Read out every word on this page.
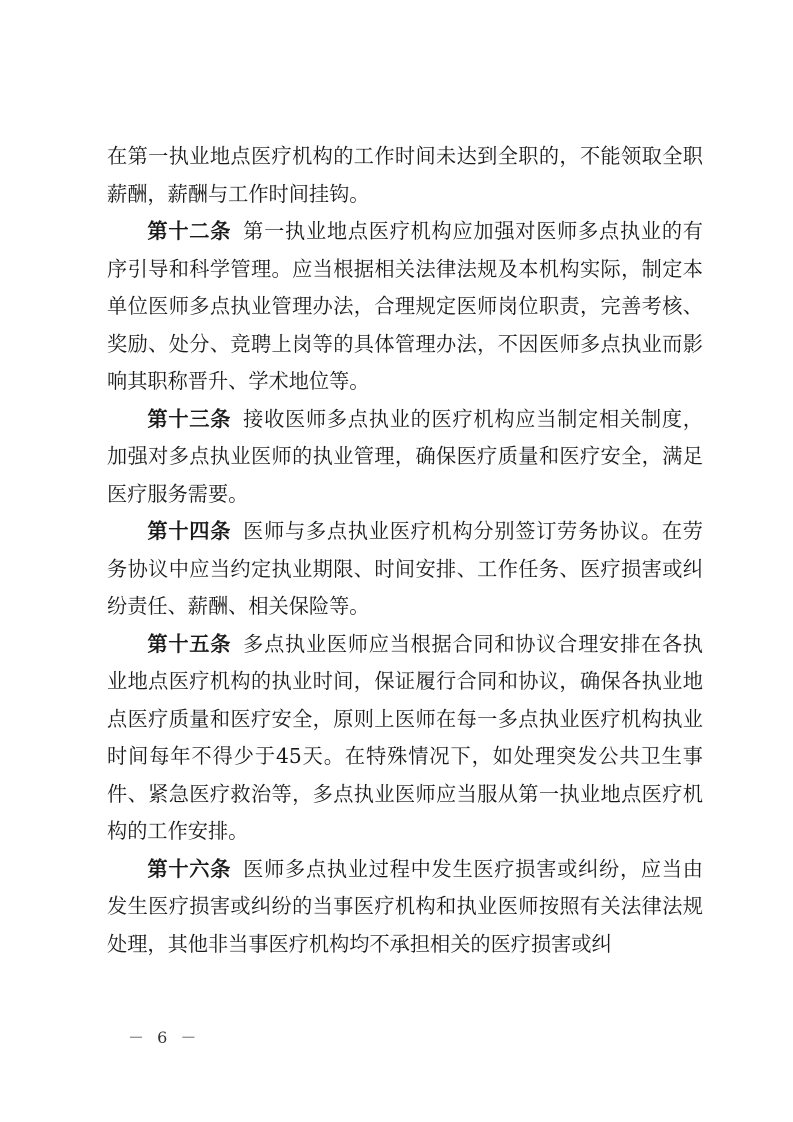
在第一执业地点医疗机构的工作时间未达到全职的，不能领取全职薪酬，薪酬与工作时间挂钩。

第十二条 第一执业地点医疗机构应加强对医师多点执业的有序引导和科学管理。应当根据相关法律法规及本机构实际，制定本单位医师多点执业管理办法，合理规定医师岗位职责，完善考核、奖励、处分、竞聘上岗等的具体管理办法，不因医师多点执业而影响其职称晋升、学术地位等。

第十三条 接收医师多点执业的医疗机构应当制定相关制度，加强对多点执业医师的执业管理，确保医疗质量和医疗安全，满足医疗服务需要。

第十四条 医师与多点执业医疗机构分别签订劳务协议。在劳务协议中应当约定执业期限、时间安排、工作任务、医疗损害或纠纷责任、薪酬、相关保险等。

第十五条 多点执业医师应当根据合同和协议合理安排在各执业地点医疗机构的执业时间，保证履行合同和协议，确保各执业地点医疗质量和医疗安全，原则上医师在每一多点执业医疗机构执业时间每年不得少于45天。在特殊情况下，如处理突发公共卫生事件、紧急医疗救治等，多点执业医师应当服从第一执业地点医疗机构的工作安排。

第十六条 医师多点执业过程中发生医疗损害或纠纷，应当由发生医疗损害或纠纷的当事医疗机构和执业医师按照有关法律法规处理，其他非当事医疗机构均不承担相关的医疗损害或纠

－ 6 －
